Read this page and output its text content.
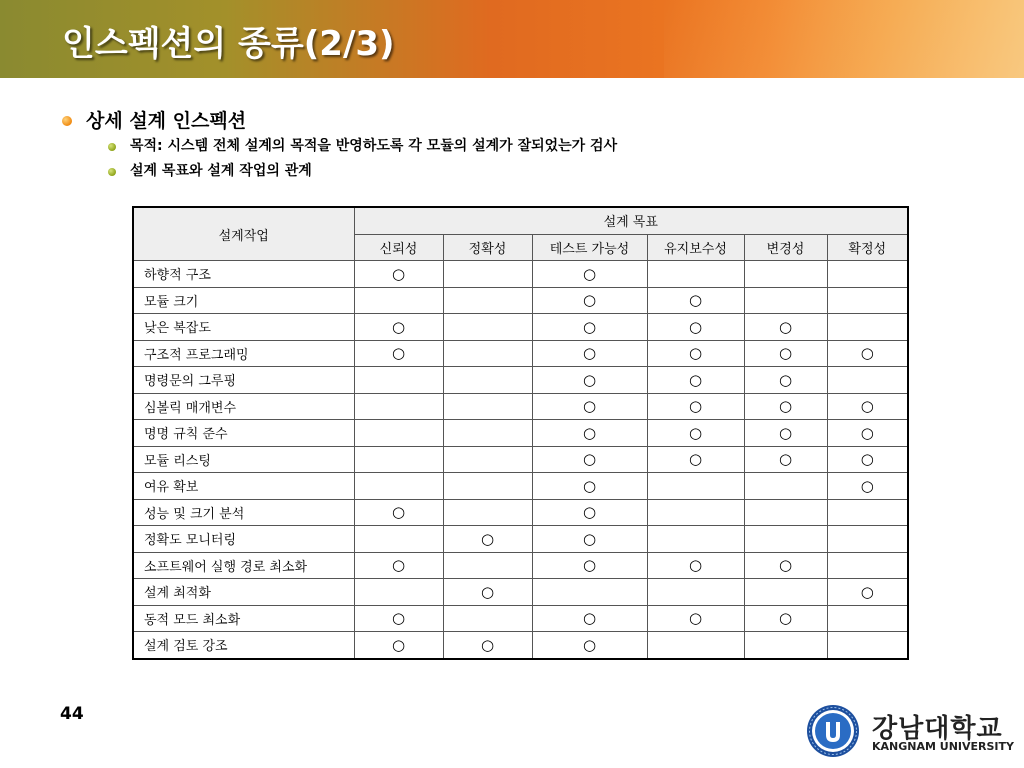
인스펙션의 종류(2/3)
상세 설계 인스펙션
목적: 시스템 전체 설계의 목적을 반영하도록 각 모듈의 설계가 잘되었는가 검사
설계 목표와 설계 작업의 관계
설계작업	설계 목표					
	신뢰성	정확성	테스트 가능성	유지보수성	변경성	확정성
하향적 구조	○		○			
모듈 크기			○	○		
낮은 복잡도	○		○	○	○	
구조적 프로그래밍	○		○	○	○	○
명령문의 그루핑			○	○	○	
심볼릭 매개변수			○	○	○	○
명명 규칙 준수			○	○	○	○
모듈 리스팅			○	○	○	○
여유 확보			○			○
성능 및 크기 분석	○		○			
정확도 모니터링		○	○			
소프트웨어 실행 경로 최소화	○		○	○	○	
설계 최적화		○				○
동적 모드 최소화	○		○	○	○	
설계 검토 강조	○	○	○			
44	강남대학교
KANGNAM UNIVERSITY
